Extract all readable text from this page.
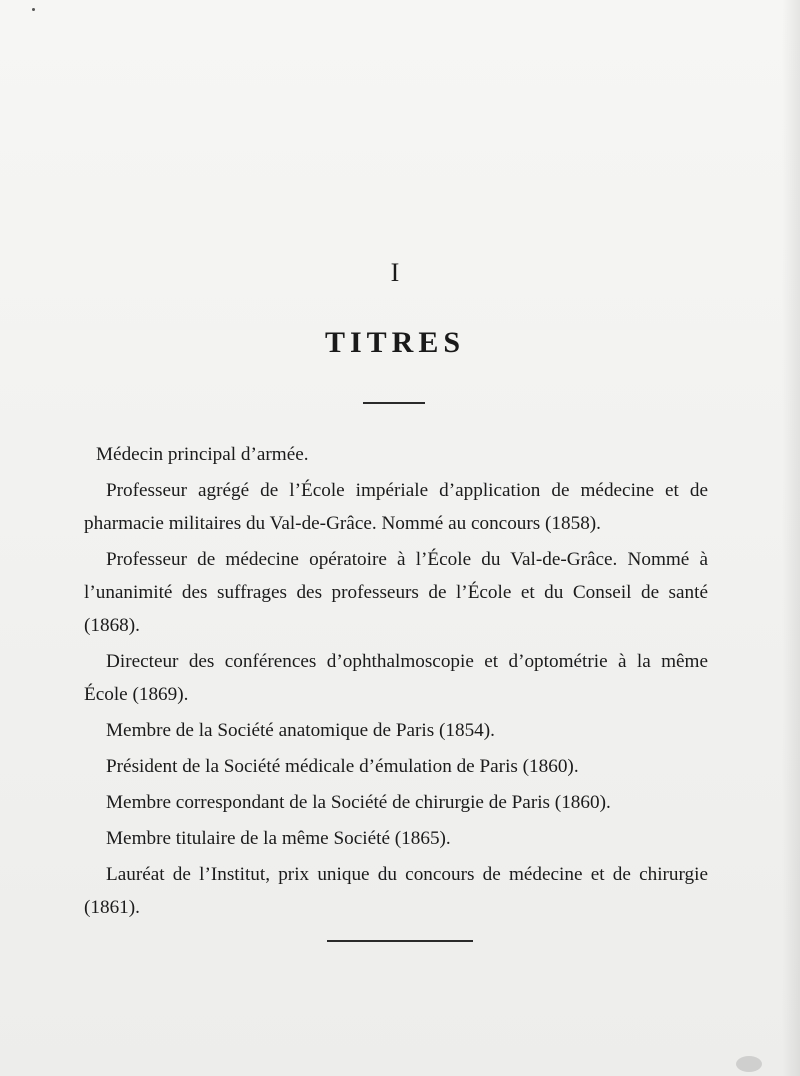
I
TITRES

Médecin principal d’armée.

Professeur agrégé de l’École impériale d’application de médecine et de pharmacie militaires du Val-de-Grâce. Nommé au concours (1858).

Professeur de médecine opératoire à l’École du Val-de-Grâce. Nommé à l’unanimité des suffrages des professeurs de l’École et du Conseil de santé (1868).

Directeur des conférences d’ophthalmoscopie et d’optométrie à la même École (1869).

Membre de la Société anatomique de Paris (1854).

Président de la Société médicale d’émulation de Paris (1860).

Membre correspondant de la Société de chirurgie de Paris (1860).

Membre titulaire de la même Société (1865).

Lauréat de l’Institut, prix unique du concours de médecine et de chirurgie (1861).
